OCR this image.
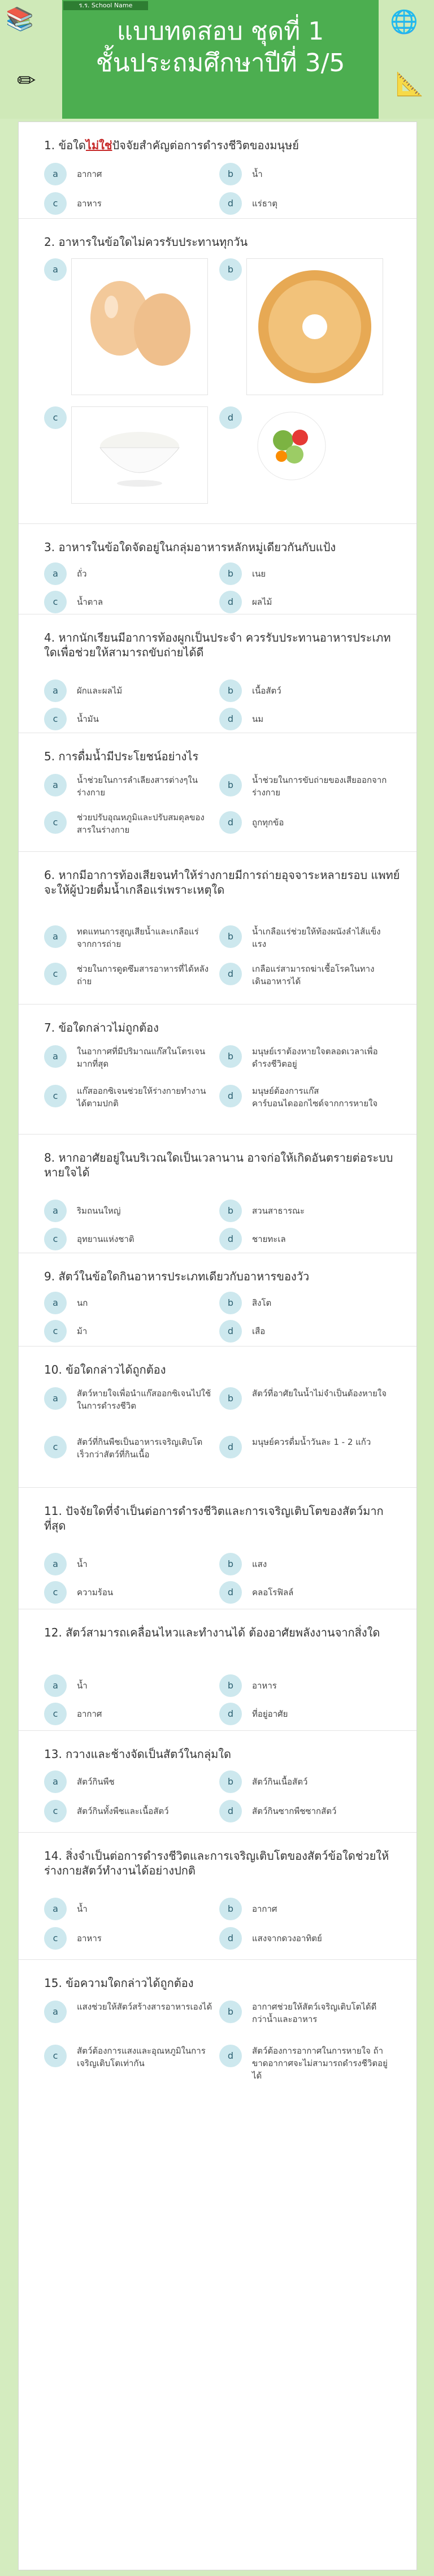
ร.ร. School Name
📚
✏
🌐
📐
แบบทดสอบ ชุดที่ 1
ชั้นประถมศึกษาปีที่ 3/5
1. ข้อใดไม่ใช่ปัจจัยสำคัญต่อการดำรงชีวิตของมนุษย์
a	อากาศ	b	น้ำ
c	อาหาร	d	แร่ธาตุ
2. อาหารในข้อใดไม่ควรรับประทานทุกวัน
a	b
c	d
3. อาหารในข้อใดจัดอยู่ในกลุ่มอาหารหลักหมู่เดียวกันกับแป้ง
a	ถั่ว	b	เนย
c	น้ำตาล	d	ผลไม้
4. หากนักเรียนมีอาการท้องผูกเป็นประจำ ควรรับประทานอาหารประเภทใดเพื่อช่วยให้สามารถขับถ่ายได้ดี
a	ผักและผลไม้	b	เนื้อสัตว์
c	น้ำมัน	d	นม
5. การดื่มน้ำมีประโยชน์อย่างไร
a	น้ำช่วยในการลำเลียงสารต่างๆในร่างกาย
b	น้ำช่วยในการขับถ่ายของเสียออกจากร่างกาย
c	ช่วยปรับอุณหภูมิและปรับสมดุลของสารในร่างกาย
d	ถูกทุกข้อ
6. หากมีอาการท้องเสียจนทำให้ร่างกายมีการถ่ายอุจจาระหลายรอบ แพทย์จะให้ผู้ป่วยดื่มน้ำเกลือแร่เพราะเหตุใด
a	ทดแทนการสูญเสียน้ำและเกลือแร่จากการถ่าย
b	น้ำเกลือแร่ช่วยให้ท้องผนังลำไส้แข็งแรง
c	ช่วยในการดูดซึมสารอาหารที่ได้หลังถ่าย
d	เกลือแร่สามารถฆ่าเชื้อโรคในทางเดินอาหารได้
7. ข้อใดกล่าวไม่ถูกต้อง
a	ในอากาศที่มีปริมาณแก๊สในโตรเจนมากที่สุด
b	มนุษย์เราต้องหายใจตลอดเวลาเพื่อดำรงชีวิตอยู่
c	แก๊สออกซิเจนช่วยให้ร่างกายทำงานได้ตามปกติ
d	มนุษย์ต้องการแก๊สคาร์บอนไดออกไซด์จากการหายใจ
8. หากอาศัยอยู่ในบริเวณใดเป็นเวลานาน อาจก่อให้เกิดอันตรายต่อระบบหายใจได้
a	ริมถนนใหญ่	b	สวนสาธารณะ
c	อุทยานแห่งชาติ	d	ชายทะเล
9. สัตว์ในข้อใดกินอาหารประเภทเดียวกับอาหารของวัว
a	นก	b	สิงโต
c	ม้า	d	เสือ
10. ข้อใดกล่าวได้ถูกต้อง
a	สัตว์หายใจเพื่อนำแก๊สออกซิเจนไปใช้ในการดำรงชีวิต
b	สัตว์ที่อาศัยในน้ำไม่จำเป็นต้องหายใจ
c	สัตว์ที่กินพืชเป็นอาหารเจริญเติบโตเร็วกว่าสัตว์ที่กินเนื้อ
d	มนุษย์ควรดื่มน้ำวันละ 1 - 2 แก้ว
11. ปัจจัยใดที่จำเป็นต่อการดำรงชีวิตและการเจริญเติบโตของสัตว์มากที่สุด
a	น้ำ	b	แสง
c	ความร้อน	d	คลอโรฟิลล์
12. สัตว์สามารถเคลื่อนไหวและทำงานได้ ต้องอาศัยพลังงานจากสิ่งใด
a	น้ำ	b	อาหาร
c	อากาศ	d	ที่อยู่อาศัย
13. กวางและช้างจัดเป็นสัตว์ในกลุ่มใด
a	สัตว์กินพืช	b	สัตว์กินเนื้อสัตว์
c	สัตว์กินทั้งพืชและเนื้อสัตว์	d	สัตว์กินซากพืชซากสัตว์
14. สิ่งจำเป็นต่อการดำรงชีวิตและการเจริญเติบโตของสัตว์ข้อใดช่วยให้ร่างกายสัตว์ทำงานได้อย่างปกติ
a	น้ำ	b	อากาศ
c	อาหาร	d	แสงจากดวงอาทิตย์
15. ข้อความใดกล่าวได้ถูกต้อง
a	แสงช่วยให้สัตว์สร้างสารอาหารเองได้	b	อากาศช่วยให้สัตว์เจริญเติบโตได้ดีกว่าน้ำและอาหาร
c	สัตว์ต้องการแสงและอุณหภูมิในการเจริญเติบโตเท่ากัน
d	สัตว์ต้องการอากาศในการหายใจ ถ้าขาดอากาศจะไม่สามารถดำรงชีวิตอยู่ได้
